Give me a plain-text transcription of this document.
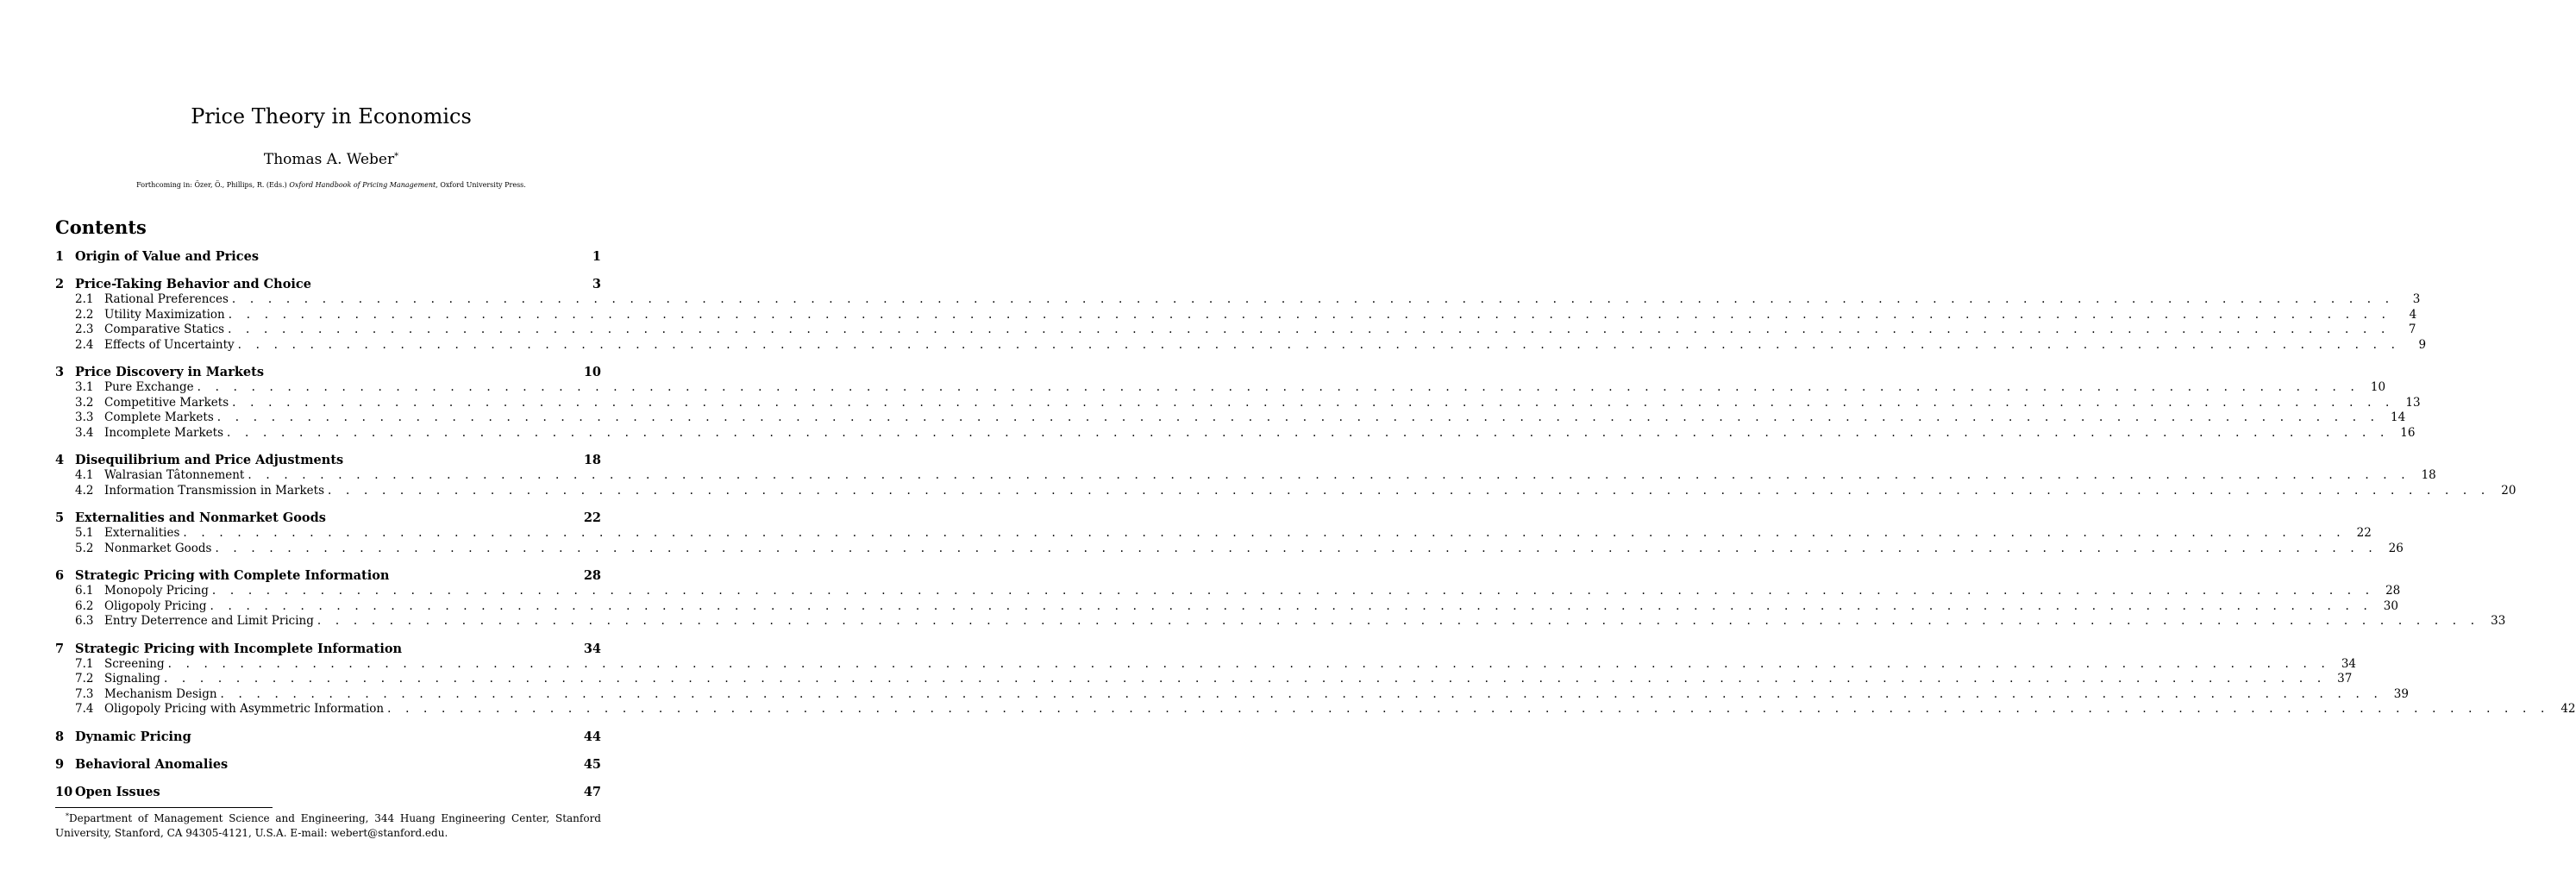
Price Theory in Economics
Thomas A. Weber*
Forthcoming in: Özer, Ö., Phillips, R. (Eds.) Oxford Handbook of Pricing Management, Oxford University Press.
Contents
1 Origin of Value and Prices	1
2 Price-Taking Behavior and Choice	3
2.1 Rational Preferences . . . . . . . . . . . . . . . . . . . . . . . . . . . . . . . . . . . . . . . . . . . . . . . . . . . . . . . . . . . . . . . . . . . . . . . . . . . . . . . . . . . . . . . . . . . . . . . . . . . . . . . . . . . . . . . . . . . . . . . .	3
2.2 Utility Maximization . . . . . . . . . . . . . . . . . . . . . . . . . . . . . . . . . . . . . . . . . . . . . . . . . . . . . . . . . . . . . . . . . . . . . . . . . . . . . . . . . . . . . . . . . . . . . . . . . . . . . . . . . . . . . . . . . . . . . . . .	4
2.3 Comparative Statics . . . . . . . . . . . . . . . . . . . . . . . . . . . . . . . . . . . . . . . . . . . . . . . . . . . . . . . . . . . . . . . . . . . . . . . . . . . . . . . . . . . . . . . . . . . . . . . . . . . . . . . . . . . . . . . . . . . . . . . .	7
2.4 Effects of Uncertainty . . . . . . . . . . . . . . . . . . . . . . . . . . . . . . . . . . . . . . . . . . . . . . . . . . . . . . . . . . . . . . . . . . . . . . . . . . . . . . . . . . . . . . . . . . . . . . . . . . . . . . . . . . . . . . . . . . . . . . . .	9
3 Price Discovery in Markets	10
3.1 Pure Exchange . . . . . . . . . . . . . . . . . . . . . . . . . . . . . . . . . . . . . . . . . . . . . . . . . . . . . . . . . . . . . . . . . . . . . . . . . . . . . . . . . . . . . . . . . . . . . . . . . . . . . . . . . . . . . . . . . . . . . . . . 10
3.2 Competitive Markets . . . . . . . . . . . . . . . . . . . . . . . . . . . . . . . . . . . . . . . . . . . . . . . . . . . . . . . . . . . . . . . . . . . . . . . . . . . . . . . . . . . . . . . . . . . . . . . . . . . . . . . . . . . . . . . . . . . . . . . . 13
3.3 Complete Markets . . . . . . . . . . . . . . . . . . . . . . . . . . . . . . . . . . . . . . . . . . . . . . . . . . . . . . . . . . . . . . . . . . . . . . . . . . . . . . . . . . . . . . . . . . . . . . . . . . . . . . . . . . . . . . . . . . . . . . . . 14
3.4 Incomplete Markets . . . . . . . . . . . . . . . . . . . . . . . . . . . . . . . . . . . . . . . . . . . . . . . . . . . . . . . . . . . . . . . . . . . . . . . . . . . . . . . . . . . . . . . . . . . . . . . . . . . . . . . . . . . . . . . . . . . . . . . . 16
4 Disequilibrium and Price Adjustments	18
4.1 Walrasian Tâtonnement . . . . . . . . . . . . . . . . . . . . . . . . . . . . . . . . . . . . . . . . . . . . . . . . . . . . . . . . . . . . . . . . . . . . . . . . . . . . . . . . . . . . . . . . . . . . . . . . . . . . . . . . . . . . . . . . . . . . . . . . 18
4.2 Information Transmission in Markets . . . . . . . . . . . . . . . . . . . . . . . . . . . . . . . . . . . . . . . . . . . . . . . . . . . . . . . . . . . . . . . . . . . . . . . . . . . . . . . . . . . . . . . . . . . . . . . . . . . . . . . . . . . . . . . . . . . . . . . . 20
5 Externalities and Nonmarket Goods	22
5.1 Externalities . . . . . . . . . . . . . . . . . . . . . . . . . . . . . . . . . . . . . . . . . . . . . . . . . . . . . . . . . . . . . . . . . . . . . . . . . . . . . . . . . . . . . . . . . . . . . . . . . . . . . . . . . . . . . . . . . . . . . . . . 22
5.2 Nonmarket Goods . . . . . . . . . . . . . . . . . . . . . . . . . . . . . . . . . . . . . . . . . . . . . . . . . . . . . . . . . . . . . . . . . . . . . . . . . . . . . . . . . . . . . . . . . . . . . . . . . . . . . . . . . . . . . . . . . . . . . . . . 26
6 Strategic Pricing with Complete Information	28
6.1 Monopoly Pricing . . . . . . . . . . . . . . . . . . . . . . . . . . . . . . . . . . . . . . . . . . . . . . . . . . . . . . . . . . . . . . . . . . . . . . . . . . . . . . . . . . . . . . . . . . . . . . . . . . . . . . . . . . . . . . . . . . . . . . . . 28
6.2 Oligopoly Pricing . . . . . . . . . . . . . . . . . . . . . . . . . . . . . . . . . . . . . . . . . . . . . . . . . . . . . . . . . . . . . . . . . . . . . . . . . . . . . . . . . . . . . . . . . . . . . . . . . . . . . . . . . . . . . . . . . . . . . . . . 30
6.3 Entry Deterrence and Limit Pricing . . . . . . . . . . . . . . . . . . . . . . . . . . . . . . . . . . . . . . . . . . . . . . . . . . . . . . . . . . . . . . . . . . . . . . . . . . . . . . . . . . . . . . . . . . . . . . . . . . . . . . . . . . . . . . . . . . . . . . . . 33
7 Strategic Pricing with Incomplete Information	34
7.1 Screening . . . . . . . . . . . . . . . . . . . . . . . . . . . . . . . . . . . . . . . . . . . . . . . . . . . . . . . . . . . . . . . . . . . . . . . . . . . . . . . . . . . . . . . . . . . . . . . . . . . . . . . . . . . . . . . . . . . . . . . . 34
7.2 Signaling . . . . . . . . . . . . . . . . . . . . . . . . . . . . . . . . . . . . . . . . . . . . . . . . . . . . . . . . . . . . . . . . . . . . . . . . . . . . . . . . . . . . . . . . . . . . . . . . . . . . . . . . . . . . . . . . . . . . . . . . 37
7.3 Mechanism Design . . . . . . . . . . . . . . . . . . . . . . . . . . . . . . . . . . . . . . . . . . . . . . . . . . . . . . . . . . . . . . . . . . . . . . . . . . . . . . . . . . . . . . . . . . . . . . . . . . . . . . . . . . . . . . . . . . . . . . . . 39
7.4 Oligopoly Pricing with Asymmetric Information . . . . . . . . . . . . . . . . . . . . . . . . . . . . . . . . . . . . . . . . . . . . . . . . . . . . . . . . . . . . . . . . . . . . . . . . . . . . . . . . . . . . . . . . . . . . . . . . . . . . . . . . . . . . . . . . . . . . . . . . 42
8 Dynamic Pricing	44
9 Behavioral Anomalies	45
10 Open Issues	47
*Department of Management Science and Engineering, 344 Huang Engineering Center, Stanford University, Stanford, CA 94305-4121, U.S.A. E-mail: webert@stanford.edu.
